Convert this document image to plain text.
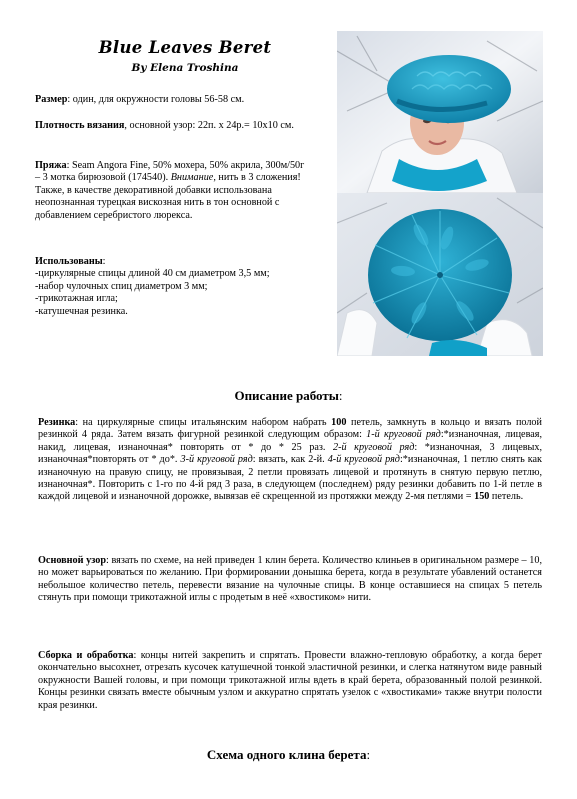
Blue Leaves Beret
By Elena Troshina
Размер: один, для окружности головы 56-58 см.
Плотность вязания, основной узор: 22п. х 24р.= 10х10 см.
Пряжа: Seam Angora Fine, 50% мохера, 50% акрила, 300м/50г – 3 мотка бирюзовой (174540). Внимание, нить в 3 сложения! Также, в качестве декоративной добавки использована неопознанная турецкая вискозная нить в тон основной с добавлением серебристого люрекса.
Использованы:
-циркулярные спицы длиной 40 см диаметром 3,5 мм;
-набор чулочных спиц диаметром 3 мм;
-трикотажная игла;
-катушечная резинка.
Описание работы:
Резинка: на циркулярные спицы итальянским набором набрать 100 петель, замкнуть в кольцо и вязать полой резинкой 4 ряда. Затем вязать фигурной резинкой следующим образом: 1-й круговой ряд:*изнаночная, лицевая, накид, лицевая, изнаночная* повторять от * до * 25 раз. 2-й круговой ряд: *изнаночная, 3 лицевых, изнаночная*повторять от * до*. 3-й круговой ряд: вязать, как 2-й. 4-й круговой ряд:*изнаночная, 1 петлю снять как изнаночную на правую спицу, не провязывая, 2 петли провязать лицевой и протянуть в снятую первую петлю, изнаночная*. Повторить с 1-го по 4-й ряд 3 раза, в следующем (последнем) ряду резинки добавить по 1-й петле в каждой лицевой и изнаночной дорожке, вывязав её скрещенной из протяжки между 2-мя петлями = 150 петель.
Основной узор: вязать по схеме, на ней приведен 1 клин берета. Количество клиньев в оригинальном размере – 10, но может варьироваться по желанию. При формировании донышка берета, когда в результате убавлений останется небольшое количество петель, перевести вязание на чулочные спицы. В конце оставшиеся на спицах 5 петель стянуть при помощи трикотажной иглы с продетым в неё «хвостиком» нити.
Сборка и обработка: концы нитей закрепить и спрятать. Провести влажно-тепловую обработку, а когда берет окончательно высохнет, отрезать кусочек катушечной тонкой эластичной резинки, и слегка натянутом виде равный окружности Вашей головы, и при помощи трикотажной иглы вдеть в край берета, образованный полой резинкой. Концы резинки связать вместе обычным узлом и аккуратно спрятать узелок с «хвостиками» также внутри полости края резинки.
Схема одного клина берета:
